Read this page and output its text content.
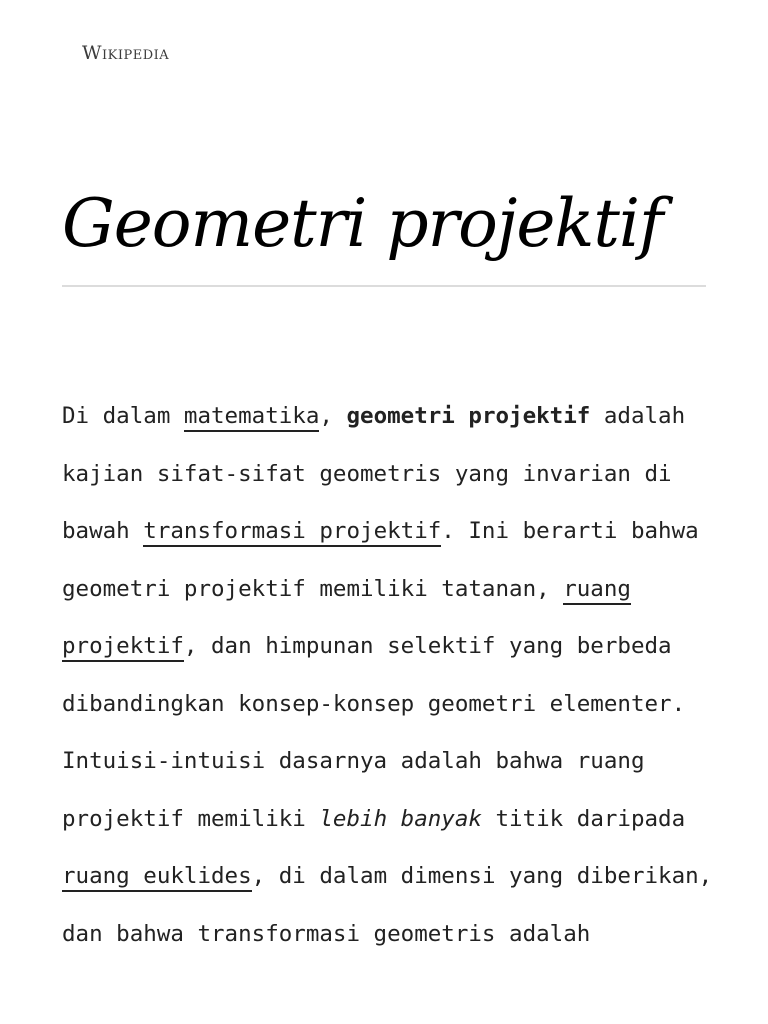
Wikipedia
Geometri projektif
Di dalam matematika, geometri projektif adalah
kajian sifat-sifat geometris yang invarian di
bawah transformasi projektif. Ini berarti bahwa
geometri projektif memiliki tatanan, ruang
projektif, dan himpunan selektif yang berbeda
dibandingkan konsep-konsep geometri elementer.
Intuisi-intuisi dasarnya adalah bahwa ruang
projektif memiliki lebih banyak titik daripada
ruang euklides, di dalam dimensi yang diberikan,
dan bahwa transformasi geometris adalah
